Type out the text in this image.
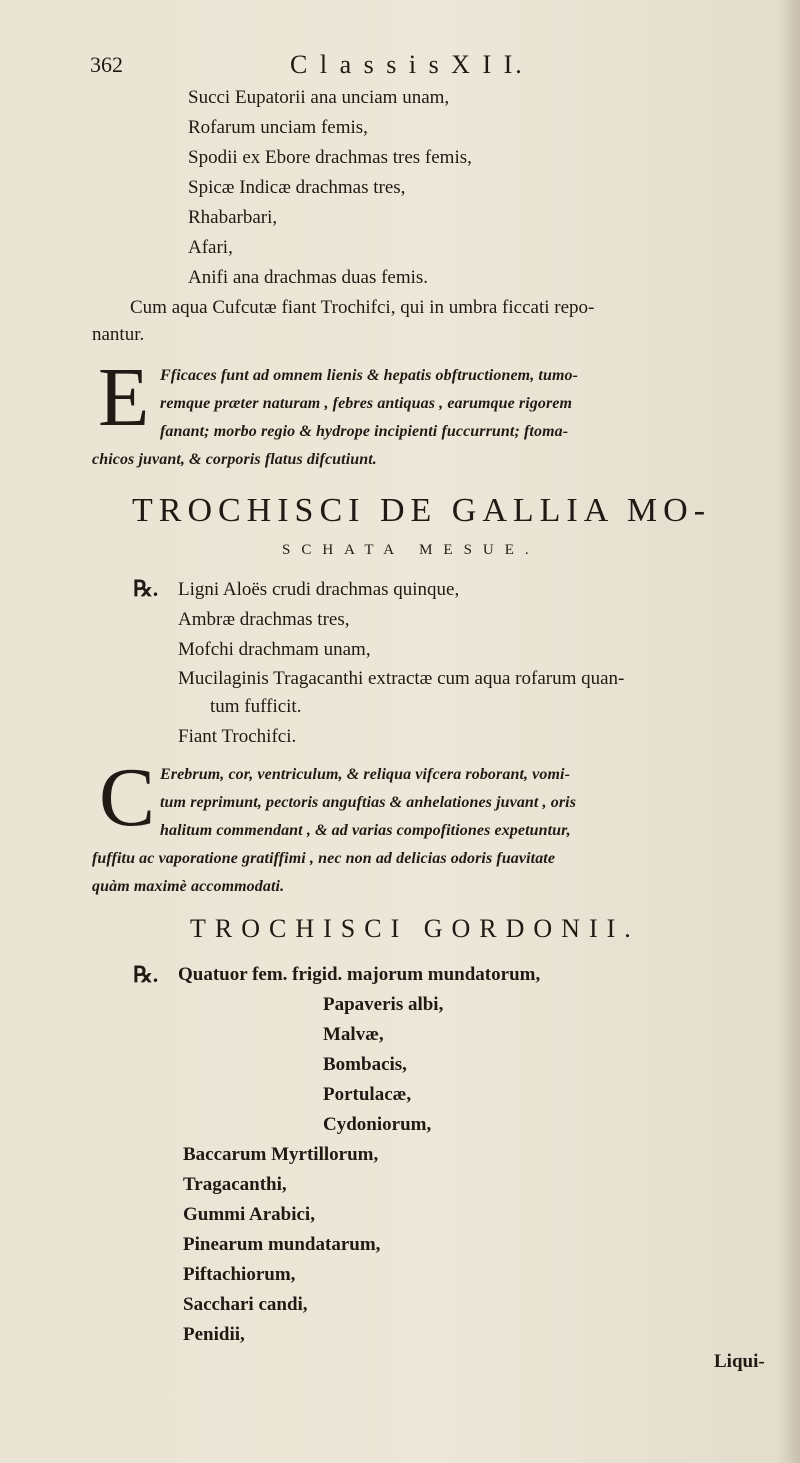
362	C l a s s i s X I I.
Succi Eupatorii ana unciam unam,
Rofarum unciam femis,
Spodii ex Ebore drachmas tres femis,
Spicæ Indicæ drachmas tres,
Rhabarbari,
Afari,
Anifi ana drachmas duas femis.
Cum aqua Cufcutæ fiant Trochifci, qui in umbra ficcati repo-
nantur.
E Fficaces funt ad omnem lienis & hepatis obftructionem, tumo-
remque præter naturam , febres antiquas , earumque rigorem
fanant; morbo regio & hydrope incipienti fuccurrunt; ftoma-
chicos juvant, & corporis flatus difcutiunt.
TROCHISCI DE GALLIA MO-
SCHATA MESUE.
℞. Ligni Aloës crudi drachmas quinque,
Ambræ drachmas tres,
Mofchi drachmam unam,
Mucilaginis Tragacanthi extractæ cum aqua rofarum quan-
tum fufficit.
Fiant Trochifci.
C Erebrum, cor, ventriculum, & reliqua vifcera roborant, vomi-
tum reprimunt, pectoris anguftias & anhelationes juvant , oris
halitum commendant , & ad varias compofitiones expetuntur,
fuffitu ac vaporatione gratiffimi , nec non ad delicias odoris fuavitate
quàm maximè accommodati.
TROCHISCI GORDONII.
℞. Quatuor fem. frigid. majorum mundatorum,
Papaveris albi,
Malvæ,
Bombacis,
Portulacæ,
Cydoniorum,
Baccarum Myrtillorum,
Tragacanthi,
Gummi Arabici,
Pinearum mundatarum,
Piftachiorum,
Sacchari candi,
Penidii,
Liqui-
